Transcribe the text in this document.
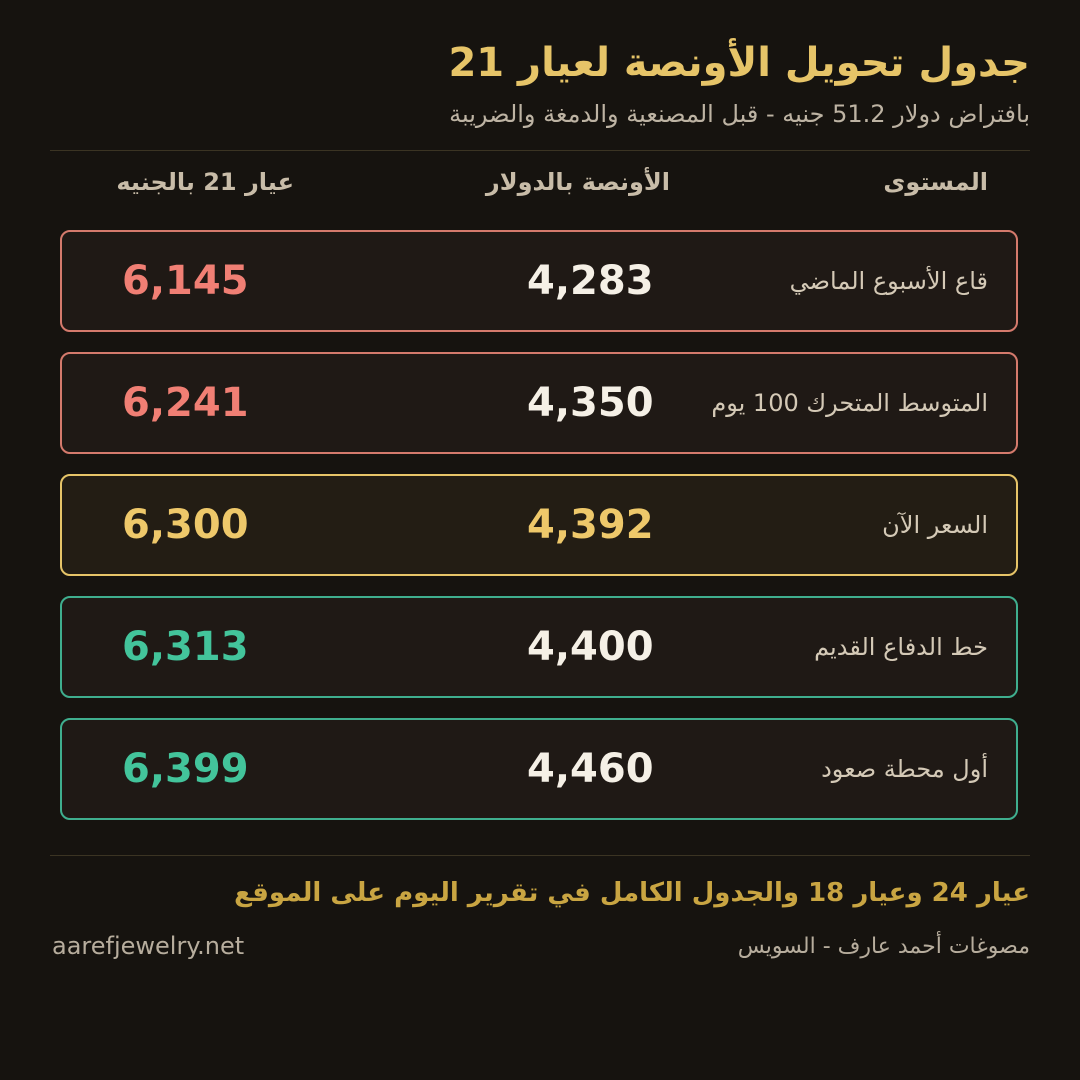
جدول تحويل الأونصة لعيار 21
بافتراض دولار 51.2 جنيه - قبل المصنعية والدمغة والضريبة
المستوى
الأونصة بالدولار
عيار 21 بالجنيه
قاع الأسبوع الماضي
4,283
6,145
المتوسط المتحرك 100 يوم
4,350
6,241
السعر الآن
4,392
6,300
خط الدفاع القديم
4,400
6,313
أول محطة صعود
4,460
6,399
عيار 24 وعيار 18 والجدول الكامل في تقرير اليوم على الموقع
مصوغات أحمد عارف - السويس
aarefjewelry.net
